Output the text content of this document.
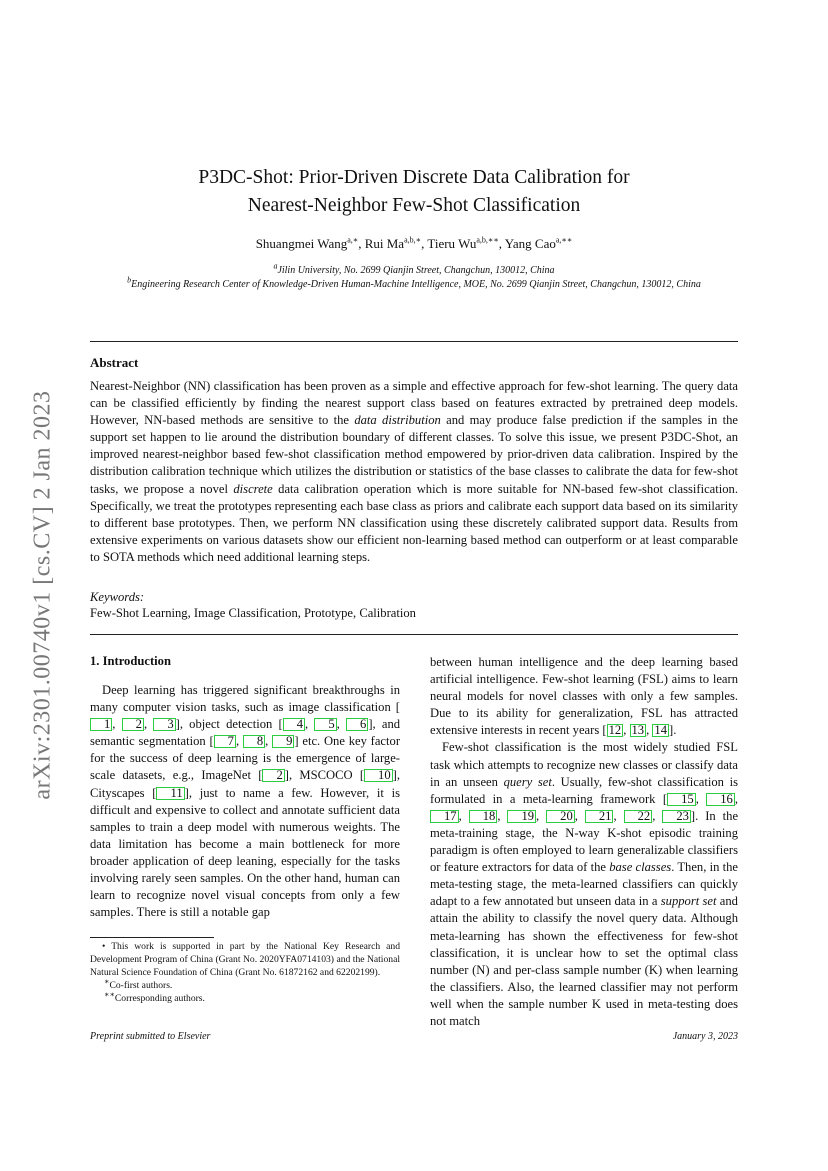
arXiv:2301.00740v1 [cs.CV] 2 Jan 2023
P3DC-Shot: Prior-Driven Discrete Data Calibration for
Nearest-Neighbor Few-Shot Classification
Shuangmei Wang$^{a,∗}$, Rui $Ma^{a,b,∗}$, Tieru $Wu^{a,b,∗∗}$, Yang Cao$^{a,∗∗}$
$^a$Jilin University, No. 2699 Qianjin Street, Changchun, 130012, China
$^b$Engineering Research Center of Knowledge-Driven Human-Machine Intelligence, MOE, No. 2699 Qianjin Street, Changchun, 130012, China
Abstract

Nearest-Neighbor (NN) classification has been proven as a simple and effective approach for few-shot learning. The query data can be classified efficiently by finding the nearest support class based on features extracted by pretrained deep models. However, NN-based methods are sensitive to the data distribution and may produce false prediction if the samples in the support set happen to lie around the distribution boundary of different classes. To solve this issue, we present P3DC-Shot, an improved nearest-neighbor based few-shot classification method empowered by prior-driven data calibration. Inspired by the distribution calibration technique which utilizes the distribution or statistics of the base classes to calibrate the data for few-shot tasks, we propose a novel discrete data calibration operation which is more suitable for NN-based few-shot classification. Specifically, we treat the prototypes representing each base class as priors and calibrate each support data based on its similarity to different base prototypes. Then, we perform NN classification using these discretely calibrated support data. Results from extensive experiments on various datasets show our efficient non-learning based method can outperform or at least comparable to SOTA methods which need additional learning steps.

Keywords:
Few-Shot Learning, Image Classification, Prototype, Calibration
1. Introduction

Deep learning has triggered significant breakthroughs in many computer vision tasks, such as image classification [1 , 2 , 3 ], object detection [ 4 , 5 , 6 ], and semantic segmentation [ 7 , 8 , 9 ] etc. One key factor for the success of deep learning is the emergence of large-scale datasets, e.g., ImageNet [ 2 ], MSCOCO [ 10 ], Cityscapes [ 11 ], just to name a few. However, it is difficult and expensive to collect and annotate sufficient data samples to train a deep model with numerous weights. The data limitation has become a main bottleneck for more broader application of deep leaning, especially for the tasks involving rarely seen samples. On the other hand, human can learn to recognize novel visual concepts from only a few samples. There is still a notable gap

• This work is supported in part by the National Key Research and Development Program of China (Grant No. 2020YFA0714103) and the National Natural Science Foundation of China (Grant No. 61872162 and 62202199).
∗Co-first authors.
∗∗Corresponding authors.

between human intelligence and the deep learning based artificial intelligence. Few-shot learning (FSL) aims to learn neural models for novel classes with only a few samples. Due to its ability for generalization, FSL has attracted extensive interests in recent years [ 12 , 13 , 14 ].

Few-shot classification is the most widely studied FSL task which attempts to recognize new classes or classify data in an unseen query set. Usually, few-shot classification is formulated in a meta-learning framework [ 15 , 16 , 17 , 18 , 19 , 20 , 21 , 22 , 23 ]. In the meta-training stage, the N-way K-shot episodic training paradigm is often employed to learn generalizable classifiers or feature extractors for data of the base classes. Then, in the meta-testing stage, the meta-learned classifiers can quickly adapt to a few annotated but unseen data in a support set and attain the ability to classify the novel query data. Although meta-learning has shown the effectiveness for few-shot classification, it is unclear how to set the optimal class number (N) and per-class sample number (K) when learning the classifiers. Also, the learned classifier may not perform well when the sample number K used in meta-testing does not match

Preprint submitted to Elsevier	January 3, 2023
